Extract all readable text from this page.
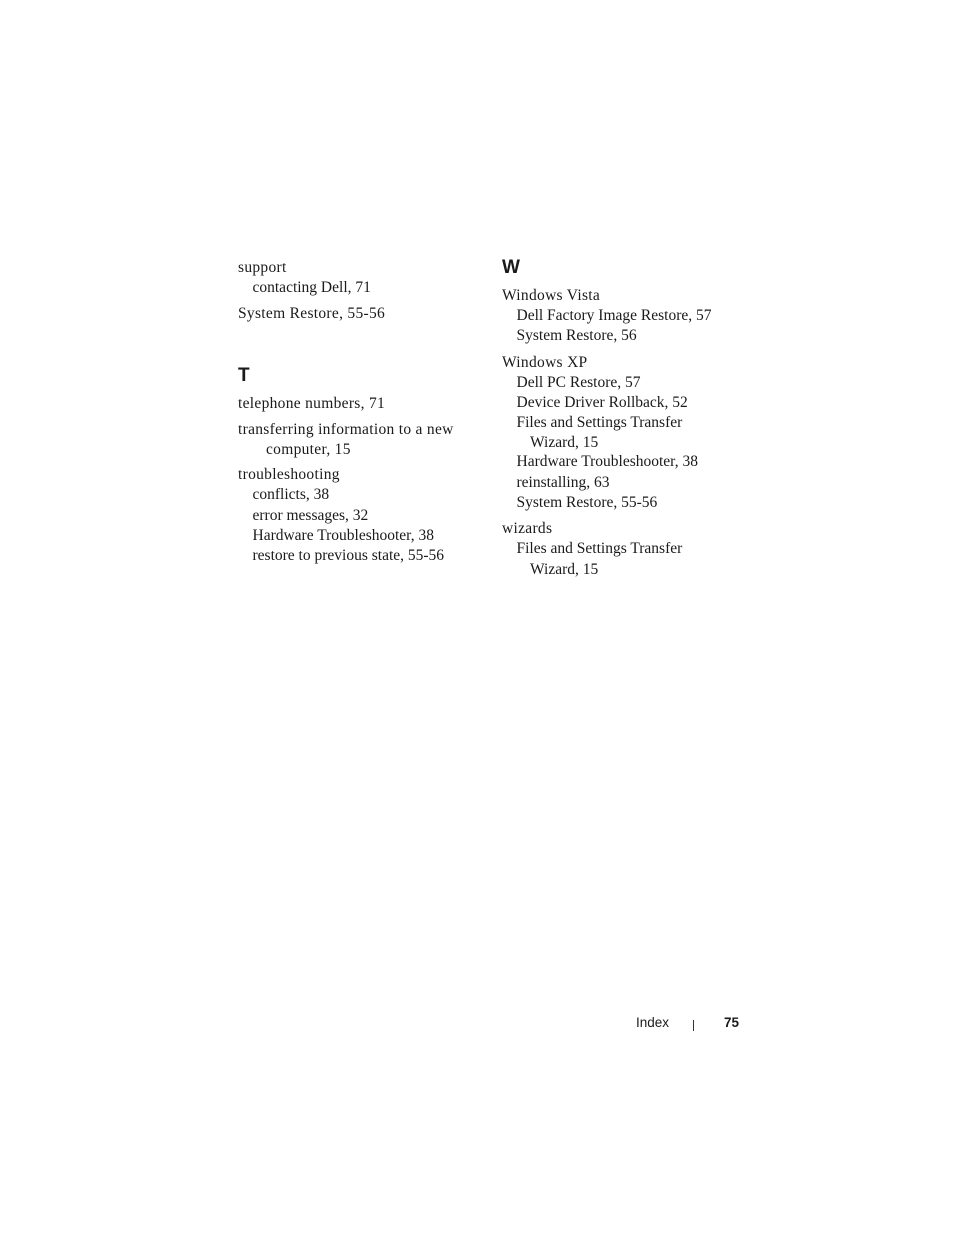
support
contacting Dell, 71
System Restore, 55-56
T
telephone numbers, 71
transferring information to a new
computer, 15
troubleshooting
conflicts, 38
error messages, 32
Hardware Troubleshooter, 38
restore to previous state, 55-56
W
Windows Vista
Dell Factory Image Restore, 57
System Restore, 56
Windows XP
Dell PC Restore, 57
Device Driver Rollback, 52
Files and Settings Transfer
Wizard, 15
Hardware Troubleshooter, 38
reinstalling, 63
System Restore, 55-56
wizards
Files and Settings Transfer
Wizard, 15
Index	75
